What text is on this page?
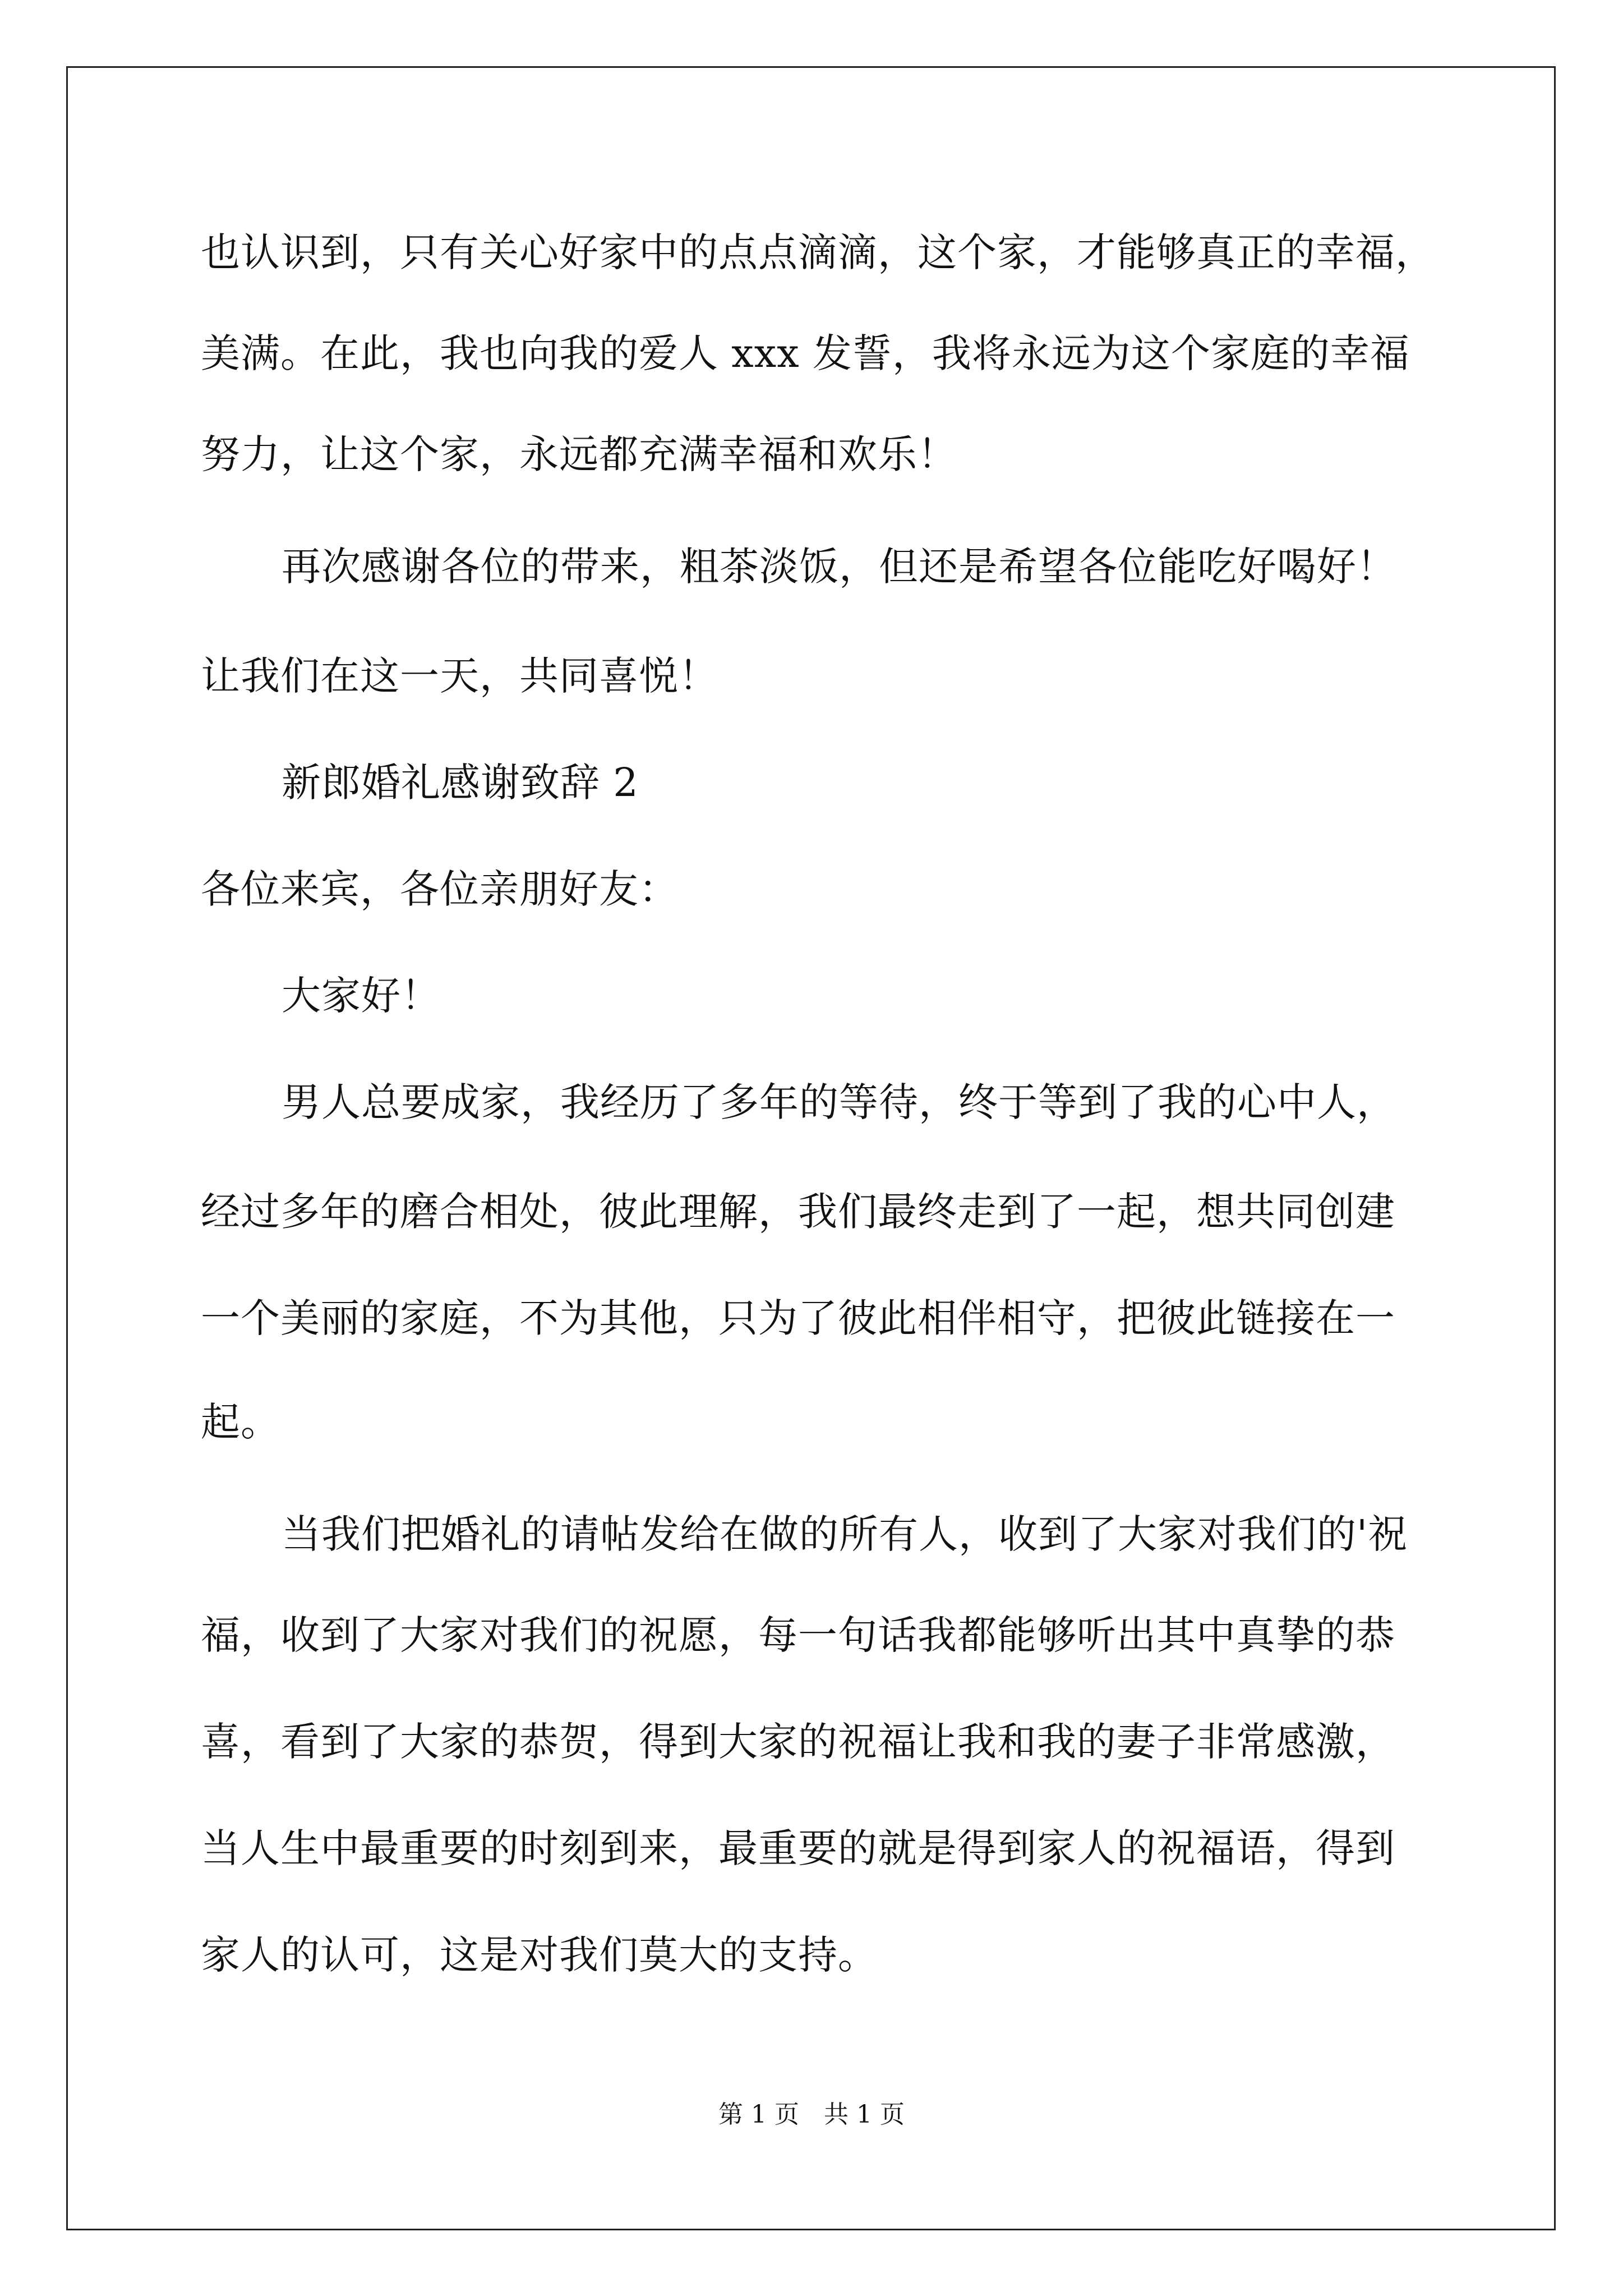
也认识到，只有关心好家中的点点滴滴，这个家，才能够真正的幸福，
美满。在此，我也向我的爱人 xxx 发誓，我将永远为这个家庭的幸福
努力，让这个家，永远都充满幸福和欢乐！
再次感谢各位的带来，粗茶淡饭，但还是希望各位能吃好喝好！
让我们在这一天，共同喜悦！
新郎婚礼感谢致辞 2
各位来宾，各位亲朋好友：
大家好！
男人总要成家，我经历了多年的等待，终于等到了我的心中人，
经过多年的磨合相处，彼此理解，我们最终走到了一起，想共同创建
一个美丽的家庭，不为其他，只为了彼此相伴相守，把彼此链接在一
起。
当我们把婚礼的请帖发给在做的所有人，收到了大家对我们的'祝
福，收到了大家对我们的祝愿，每一句话我都能够听出其中真挚的恭
喜，看到了大家的恭贺，得到大家的祝福让我和我的妻子非常感激，
当人生中最重要的时刻到来，最重要的就是得到家人的祝福语，得到
家人的认可，这是对我们莫大的支持。
第 1 页　共 1 页
